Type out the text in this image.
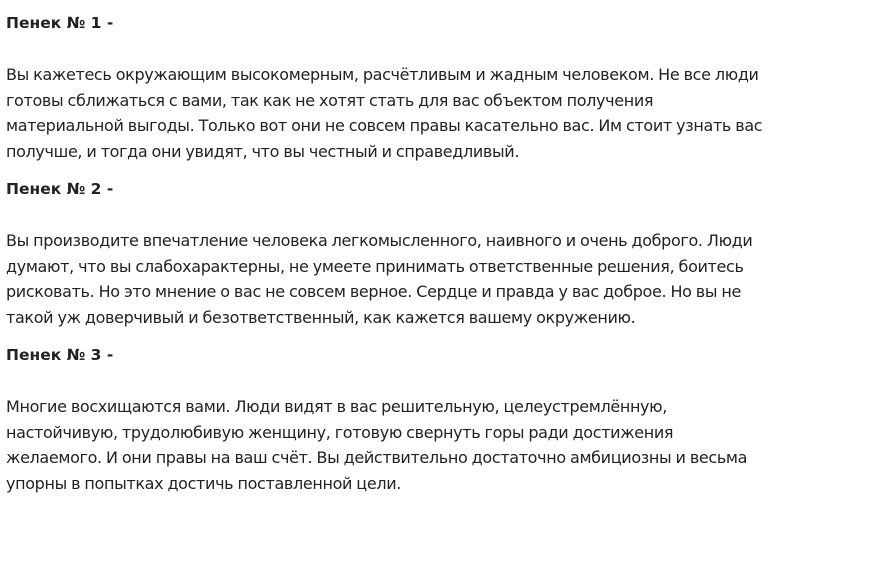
Пенек № 1 -
Вы кажетесь окружающим высокомерным, расчётливым и жадным человеком. Не все люди
готовы сближаться с вами, так как не хотят стать для вас объектом получения
материальной выгоды. Только вот они не совсем правы касательно вас. Им стоит узнать вас
получше, и тогда они увидят, что вы честный и справедливый.
Пенек № 2 -
Вы производите впечатление человека легкомысленного, наивного и очень доброго. Люди
думают, что вы слабохарактерны, не умеете принимать ответственные решения, боитесь
рисковать. Но это мнение о вас не совсем верное. Сердце и правда у вас доброе. Но вы не
такой уж доверчивый и безответственный, как кажется вашему окружению.
Пенек № 3 -
Многие восхищаются вами. Люди видят в вас решительную, целеустремлённую,
настойчивую, трудолюбивую женщину, готовую свернуть горы ради достижения
желаемого. И они правы на ваш счёт. Вы действительно достаточно амбициозны и весьма
упорны в попытках достичь поставленной цели.
